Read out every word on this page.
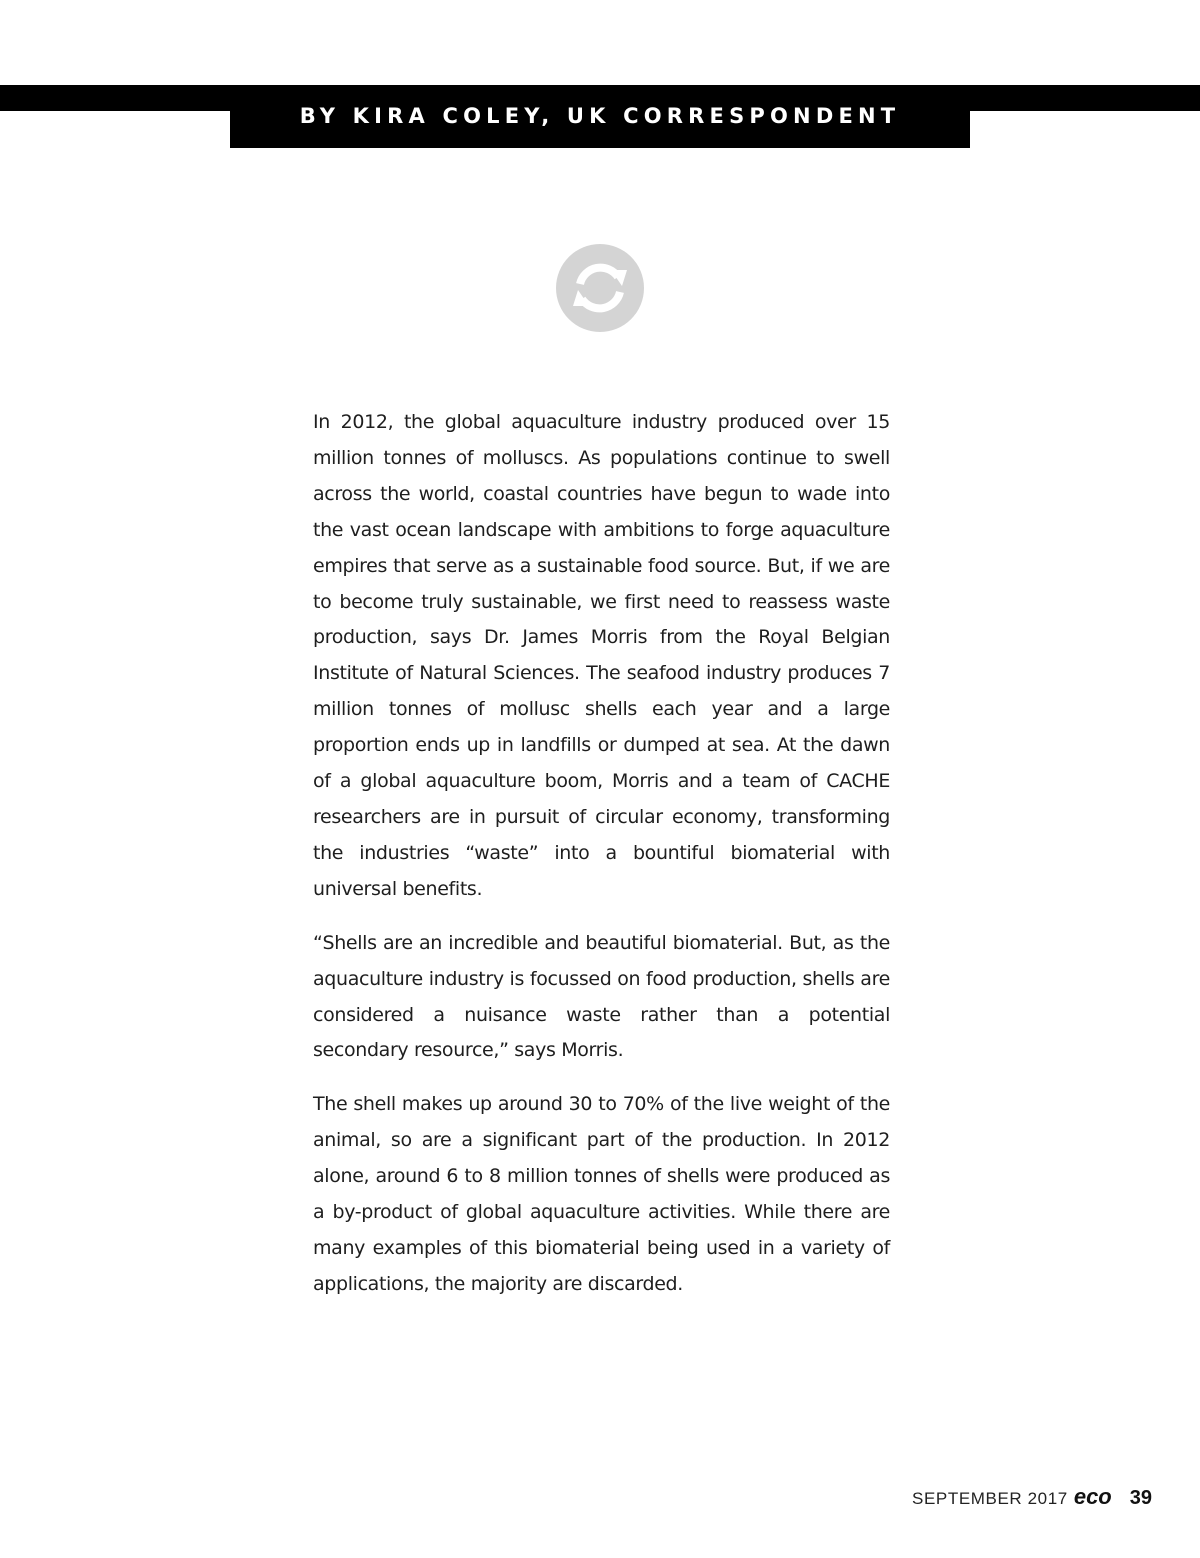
BY KIRA COLEY, UK CORRESPONDENT

In 2012, the global aquaculture industry produced over 15 million tonnes of molluscs. As populations continue to swell across the world, coastal countries have begun to wade into the vast ocean landscape with ambitions to forge aquaculture empires that serve as a sustainable food source. But, if we are to become truly sustainable, we first need to reassess waste production, says Dr. James Morris from the Royal Belgian Institute of Natural Sciences. The seafood industry produces 7 million tonnes of mollusc shells each year and a large proportion ends up in landfills or dumped at sea. At the dawn of a global aquaculture boom, Morris and a team of CACHE researchers are in pursuit of circular economy, transforming the industries “waste” into a bountiful biomaterial with universal benefits.

“Shells are an incredible and beautiful biomaterial. But, as the aquaculture industry is focussed on food production, shells are considered a nuisance waste rather than a potential secondary resource,” says Morris.

The shell makes up around 30 to 70% of the live weight of the animal, so are a significant part of the production. In 2012 alone, around 6 to 8 million tonnes of shells were produced as a by-product of global aquaculture activities. While there are many examples of this biomaterial being used in a variety of applications, the majority are discarded.

SEPTEMBER 2017 eco 39
